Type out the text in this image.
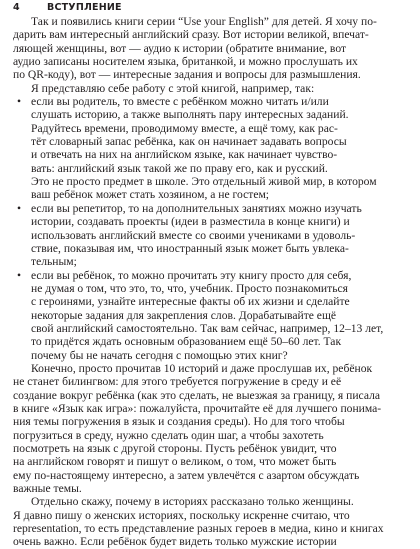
4	ВСТУПЛЕНИЕ
Так и появились книги серии “Use your English” для детей. Я хочу по-
дарить вам интересный английский сразу. Вот истории великой, впечат-
ляющей женщины, вот — аудио к истории (обратите внимание, вот
аудио записаны носителем языка, британкой, и можно прослушать их
по QR-коду), вот — интересные задания и вопросы для размышления.
Я представляю себе работу с этой книгой, например, так:
• если вы родитель, то вместе с ребёнком можно читать и/или
слушать историю, а также выполнять пару интересных заданий.
Радуйтесь времени, проводимому вместе, а ещё тому, как рас-
тёт словарный запас ребёнка, как он начинает задавать вопросы
и отвечать на них на английском языке, как начинает чувство-
вать: английский язык такой же по праву его, как и русский.
Это не просто предмет в школе. Это отдельный живой мир, в котором
ваш ребёнок может стать хозяином, а не гостем;
• если вы репетитор, то на дополнительных занятиях можно изучать
истории, создавать проекты (идеи в разместила в конце книги) и
использовать английский вместе со своими учениками в удоволь-
ствие, показывая им, что иностранный язык может быть увлека-
тельным;
• если вы ребёнок, то можно прочитать эту книгу просто для себя,
не думая о том, что это, то, что, учебник. Просто познакомиться
с героинями, узнайте интересные факты об их жизни и сделайте
некоторые задания для закрепления слов. Дорабатывайте ещё
свой английский самостоятельно. Так вам сейчас, например, 12–13 лет,
то придётся ждать основным образованием ещё 50–60 лет. Так
почему бы не начать сегодня с помощью этих книг?
Конечно, просто прочитав 10 историй и даже прослушав их, ребёнок
не станет билингвом: для этого требуется погружение в среду и её
создание вокруг ребёнка (как это сделать, не выезжая за границу, я писала
в книге «Язык как игра»: пожалуйста, прочитайте её для лучшего понима-
ния темы погружения в язык и создания среды). Но для того чтобы
погрузиться в среду, нужно сделать один шаг, а чтобы захотеть
посмотреть на язык с другой стороны. Пусть ребёнок увидит, что
на английском говорят и пишут о великом, о том, что может быть
ему по-настоящему интересно, а затем увлечётся с азартом обсуждать
важные темы.
Отдельно скажу, почему в историях рассказано только женщины.
Я давно пишу о женских историях, поскольку искренне считаю, что
representation, то есть представление разных героев в медиа, кино и книгах
очень важно. Если ребёнок будет видеть только мужские истории
